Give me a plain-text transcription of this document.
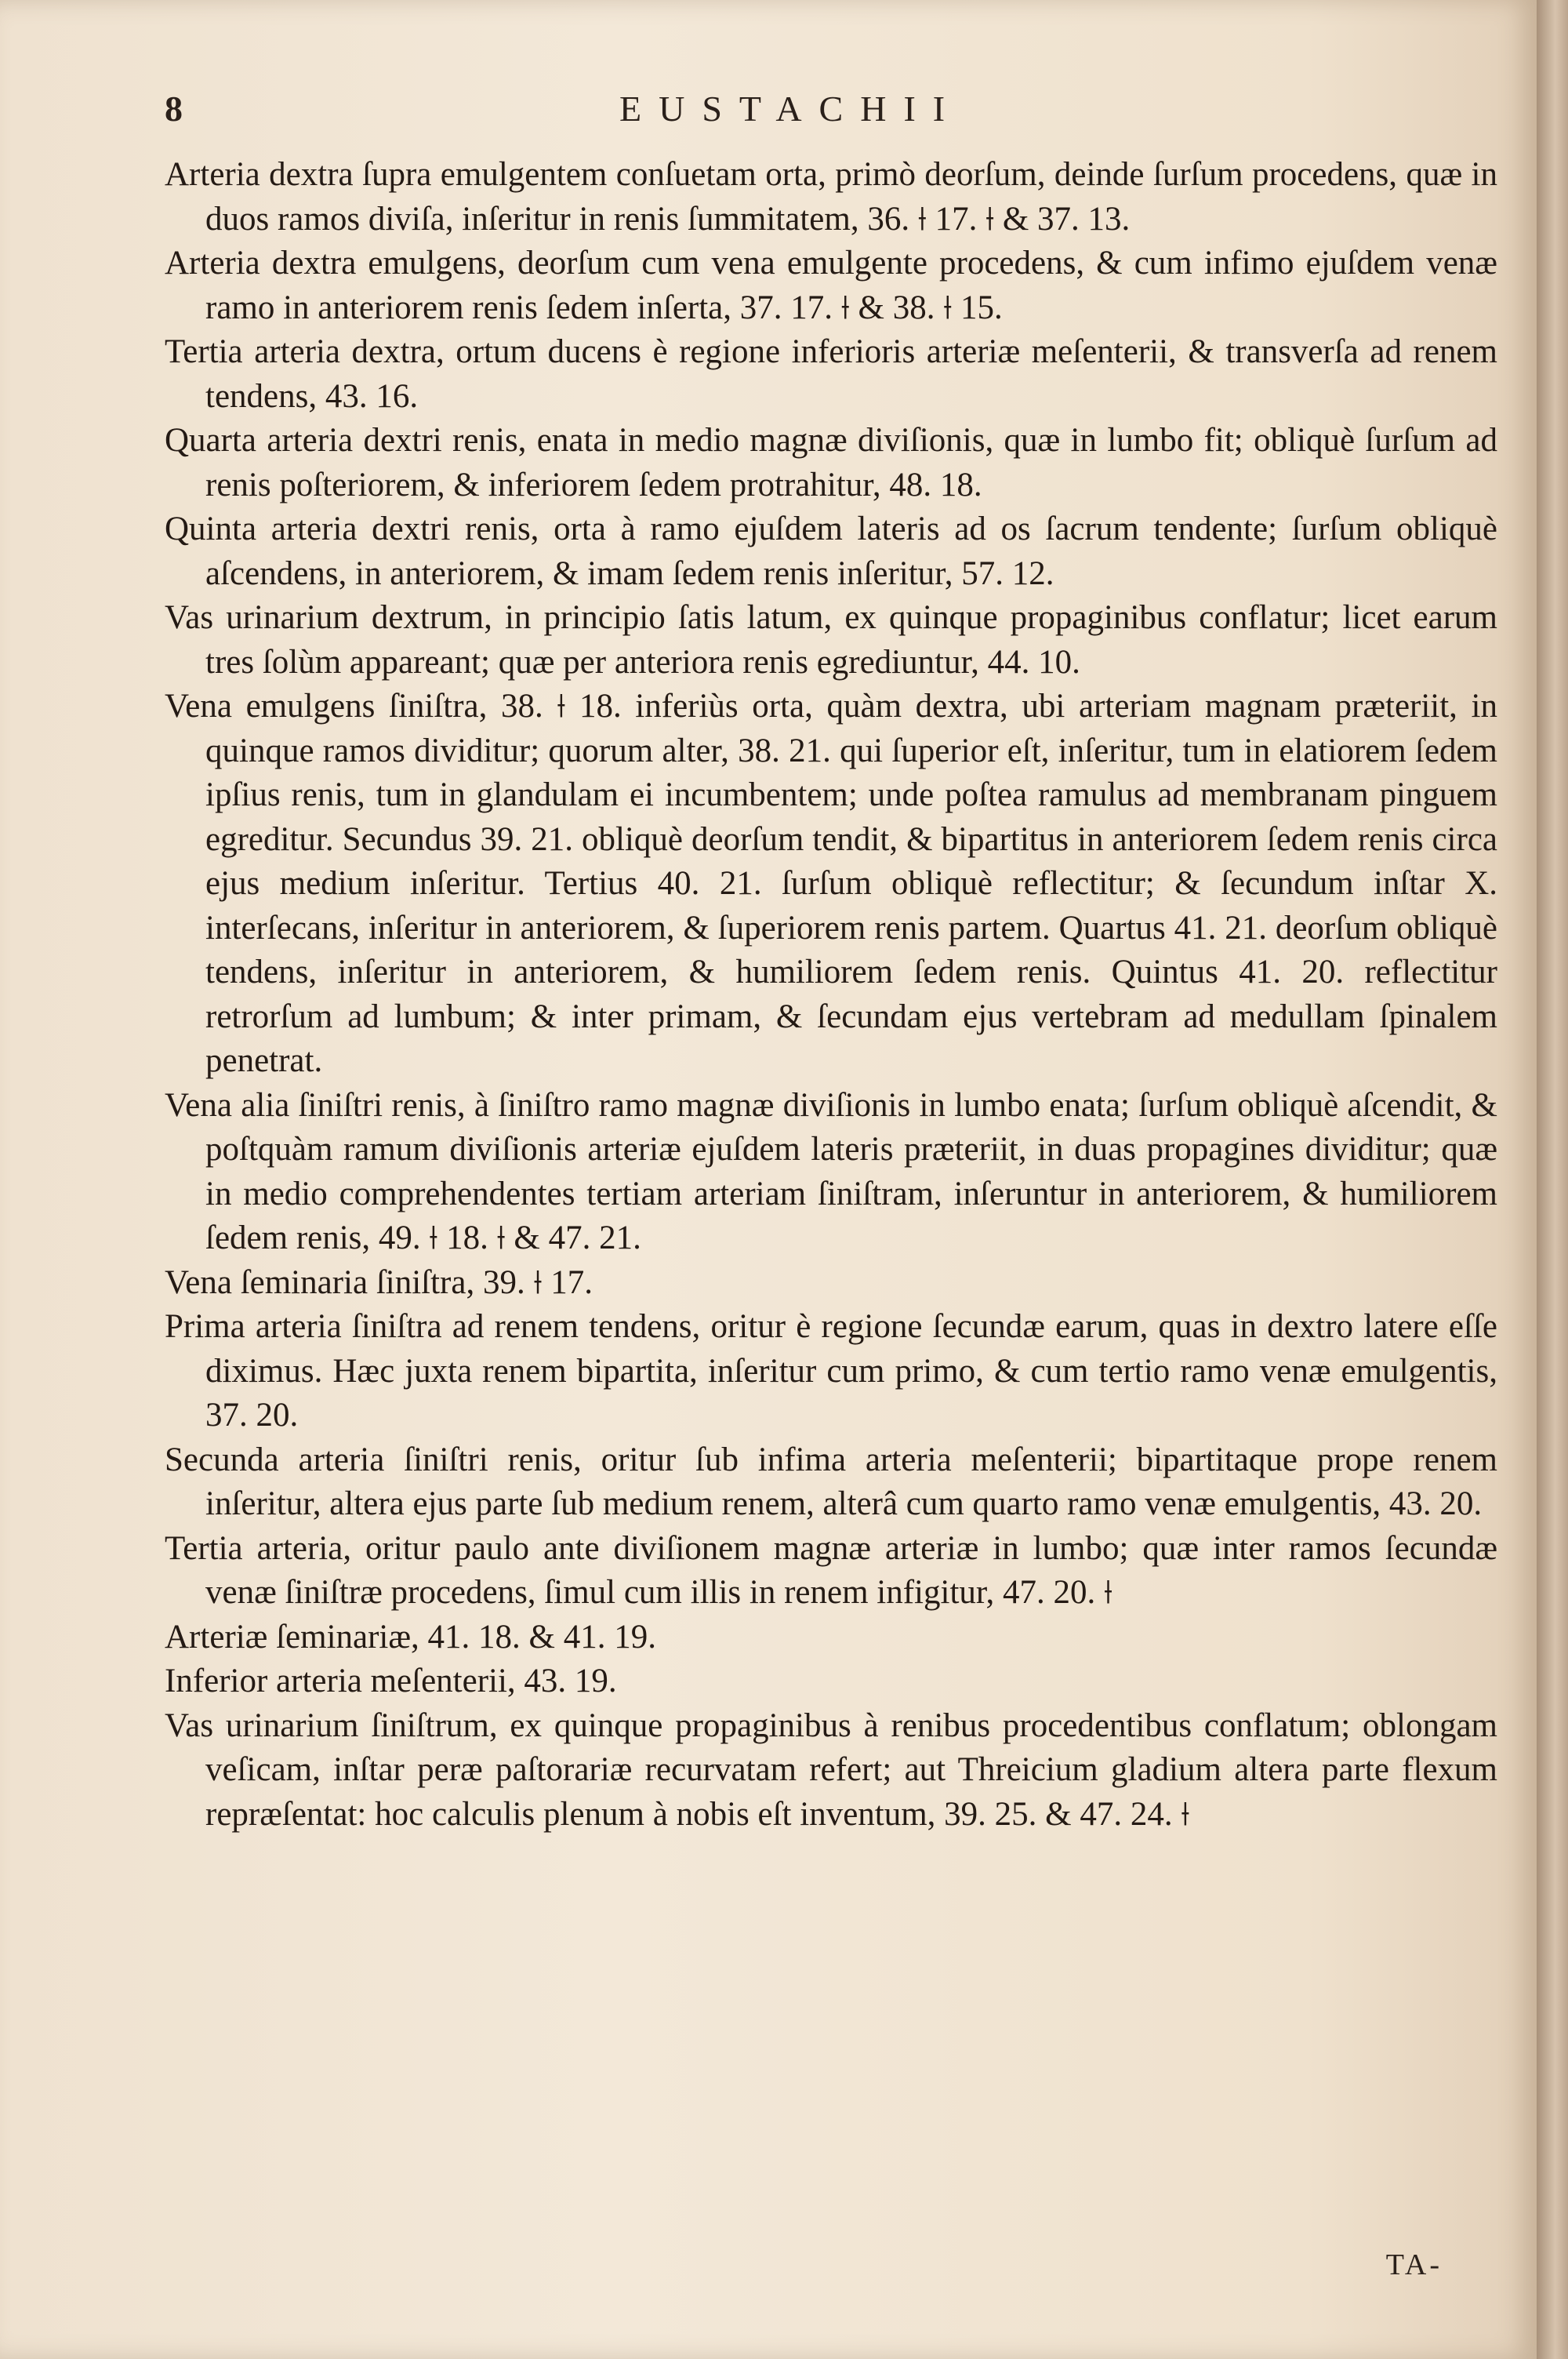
8	EUSTACHII

Arteria dextra ſupra emulgentem conſuetam orta, primò deorſum, deinde ſurſum procedens, quæ in duos ramos diviſa, inſeritur in renis ſummitatem, 36. ⟊ 17. ⟊ & 37. 13.

Arteria dextra emulgens, deorſum cum vena emulgente procedens, & cum infimo ejuſdem venæ ramo in anteriorem renis ſedem inſerta, 37. 17. ⟊ & 38. ⟊ 15.

Tertia arteria dextra, ortum ducens è regione inferioris arteriæ meſenterii, & transverſa ad renem tendens, 43. 16.

Quarta arteria dextri renis, enata in medio magnæ diviſionis, quæ in lumbo fit; obliquè ſurſum ad renis poſteriorem, & inferiorem ſedem protrahitur, 48. 18.

Quinta arteria dextri renis, orta à ramo ejuſdem lateris ad os ſacrum tendente; ſurſum obliquè aſcendens, in anteriorem, & imam ſedem renis inſeritur, 57. 12.

Vas urinarium dextrum, in principio ſatis latum, ex quinque propaginibus conflatur; licet earum tres ſolùm appareant; quæ per anteriora renis egrediuntur, 44. 10.

Vena emulgens ſiniſtra, 38. ⟊ 18. inferiùs orta, quàm dextra, ubi arteriam magnam præteriit, in quinque ramos dividitur; quorum alter, 38. 21. qui ſuperior eſt, inſeritur, tum in elatiorem ſedem ipſius renis, tum in glandulam ei incumbentem; unde poſtea ramulus ad membranam pinguem egreditur. Secundus 39. 21. obliquè deorſum tendit, & bipartitus in anteriorem ſedem renis circa ejus medium inſeritur. Tertius 40. 21. ſurſum obliquè reflectitur; & ſecundum inſtar X. interſecans, inſeritur in anteriorem, & ſuperiorem renis partem. Quartus 41. 21. deorſum obliquè tendens, inſeritur in anteriorem, & humiliorem ſedem renis. Quintus 41. 20. reflectitur retrorſum ad lumbum; & inter primam, & ſecundam ejus vertebram ad medullam ſpinalem penetrat.

Vena alia ſiniſtri renis, à ſiniſtro ramo magnæ diviſionis in lumbo enata; ſurſum obliquè aſcendit, & poſtquàm ramum diviſionis arteriæ ejuſdem lateris præteriit, in duas propagines dividitur; quæ in medio comprehendentes tertiam arteriam ſiniſtram, inſeruntur in anteriorem, & humiliorem ſedem renis, 49. ⟊ 18. ⟊ & 47. 21.

Vena ſeminaria ſiniſtra, 39. ⟊ 17.

Prima arteria ſiniſtra ad renem tendens, oritur è regione ſecundæ earum, quas in dextro latere eſſe diximus. Hæc juxta renem bipartita, inſeritur cum primo, & cum tertio ramo venæ emulgentis, 37. 20.

Secunda arteria ſiniſtri renis, oritur ſub infima arteria meſenterii; bipartitaque prope renem inſeritur, altera ejus parte ſub medium renem, alterâ cum quarto ramo venæ emulgentis, 43. 20.

Tertia arteria, oritur paulo ante diviſionem magnæ arteriæ in lumbo; quæ inter ramos ſecundæ venæ ſiniſtræ procedens, ſimul cum illis in renem infigitur, 47. 20. ⟊

Arteriæ ſeminariæ, 41. 18. & 41. 19.

Inferior arteria meſenterii, 43. 19.

Vas urinarium ſiniſtrum, ex quinque propaginibus à renibus procedentibus conflatum; oblongam veſicam, inſtar peræ paſtorariæ recurvatam refert; aut Threicium gladium altera parte flexum repræſentat: hoc calculis plenum à nobis eſt inventum, 39. 25. & 47. 24. ⟊

TA-
